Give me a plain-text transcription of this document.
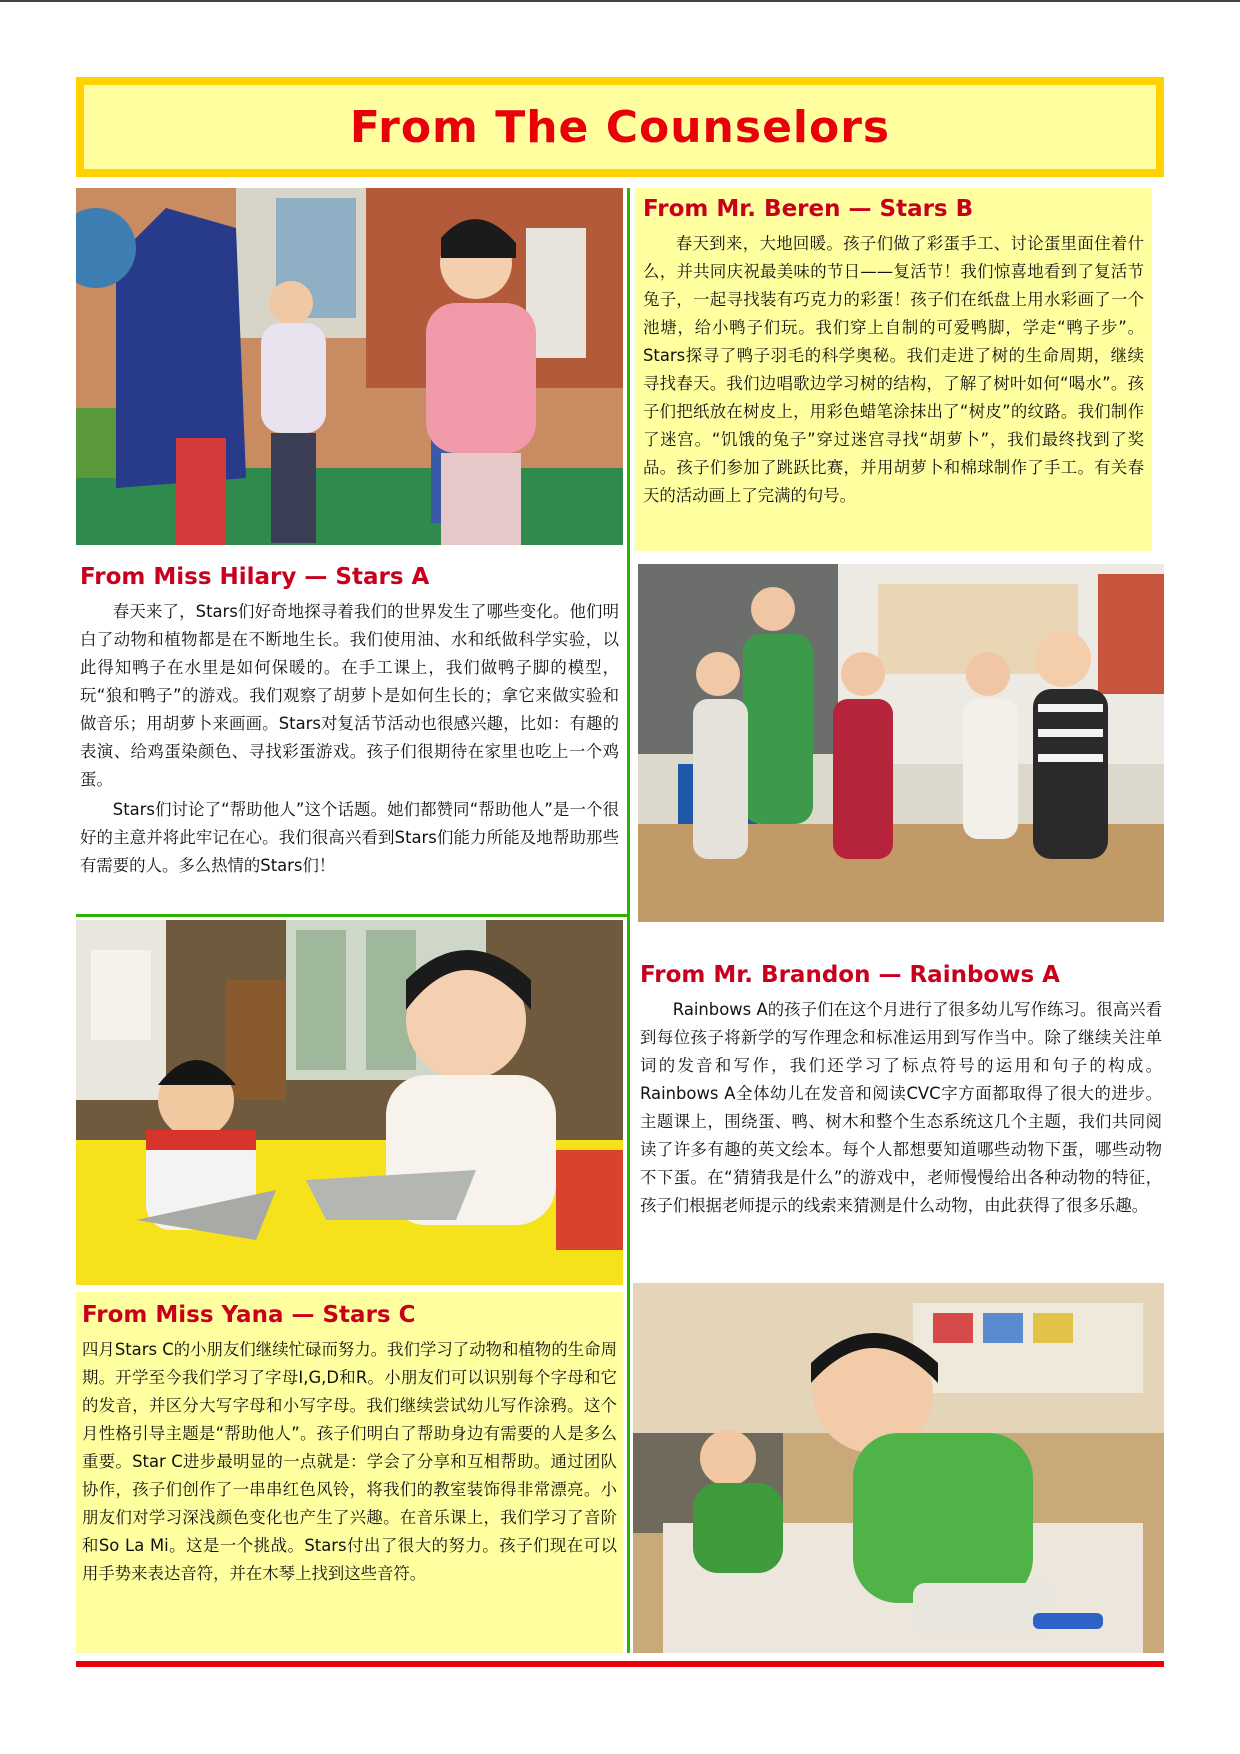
From The Counselors
From Miss Hilary — Stars A

春天来了，Stars们好奇地探寻着我们的世界发生了哪些变化。他们明白了动物和植物都是在不断地生长。我们使用油、水和纸做科学实验，以此得知鸭子在水里是如何保暖的。在手工课上，我们做鸭子脚的模型，玩“狼和鸭子”的游戏。我们观察了胡萝卜是如何生长的；拿它来做实验和做音乐；用胡萝卜来画画。Stars对复活节活动也很感兴趣，比如：有趣的表演、给鸡蛋染颜色、寻找彩蛋游戏。孩子们很期待在家里也吃上一个鸡蛋。

Stars们讨论了“帮助他人”这个话题。她们都赞同“帮助他人”是一个很好的主意并将此牢记在心。我们很高兴看到Stars们能力所能及地帮助那些有需要的人。多么热情的Stars们！

From Miss Yana — Stars C

四月Stars C的小朋友们继续忙碌而努力。我们学习了动物和植物的生命周期。开学至今我们学习了字母I,G,D和R。小朋友们可以识别每个字母和它的发音，并区分大写字母和小写字母。我们继续尝试幼儿写作涂鸦。这个月性格引导主题是“帮助他人”。孩子们明白了帮助身边有需要的人是多么重要。Star C进步最明显的一点就是：学会了分享和互相帮助。通过团队协作，孩子们创作了一串串红色风铃，将我们的教室装饰得非常漂亮。小朋友们对学习深浅颜色变化也产生了兴趣。在音乐课上，我们学习了音阶和So La Mi。这是一个挑战。Stars付出了很大的努力。孩子们现在可以用手势来表达音符，并在木琴上找到这些音符。

From Mr. Beren — Stars B

春天到来，大地回暖。孩子们做了彩蛋手工、讨论蛋里面住着什么，并共同庆祝最美味的节日——复活节！我们惊喜地看到了复活节兔子，一起寻找装有巧克力的彩蛋！孩子们在纸盘上用水彩画了一个池塘，给小鸭子们玩。我们穿上自制的可爱鸭脚，学走“鸭子步”。Stars探寻了鸭子羽毛的科学奥秘。我们走进了树的生命周期，继续寻找春天。我们边唱歌边学习树的结构，了解了树叶如何“喝水”。孩子们把纸放在树皮上，用彩色蜡笔涂抹出了“树皮”的纹路。我们制作了迷宫。“饥饿的兔子”穿过迷宫寻找“胡萝卜”，我们最终找到了奖品。孩子们参加了跳跃比赛，并用胡萝卜和棉球制作了手工。有关春天的活动画上了完满的句号。

From Mr. Brandon — Rainbows A

Rainbows A的孩子们在这个月进行了很多幼儿写作练习。很高兴看到每位孩子将新学的写作理念和标准运用到写作当中。除了继续关注单词的发音和写作，我们还学习了标点符号的运用和句子的构成。Rainbows A全体幼儿在发音和阅读CVC字方面都取得了很大的进步。主题课上，围绕蛋、鸭、树木和整个生态系统这几个主题，我们共同阅读了许多有趣的英文绘本。每个人都想要知道哪些动物下蛋，哪些动物不下蛋。在“猜猜我是什么”的游戏中，老师慢慢给出各种动物的特征，孩子们根据老师提示的线索来猜测是什么动物，由此获得了很多乐趣。
